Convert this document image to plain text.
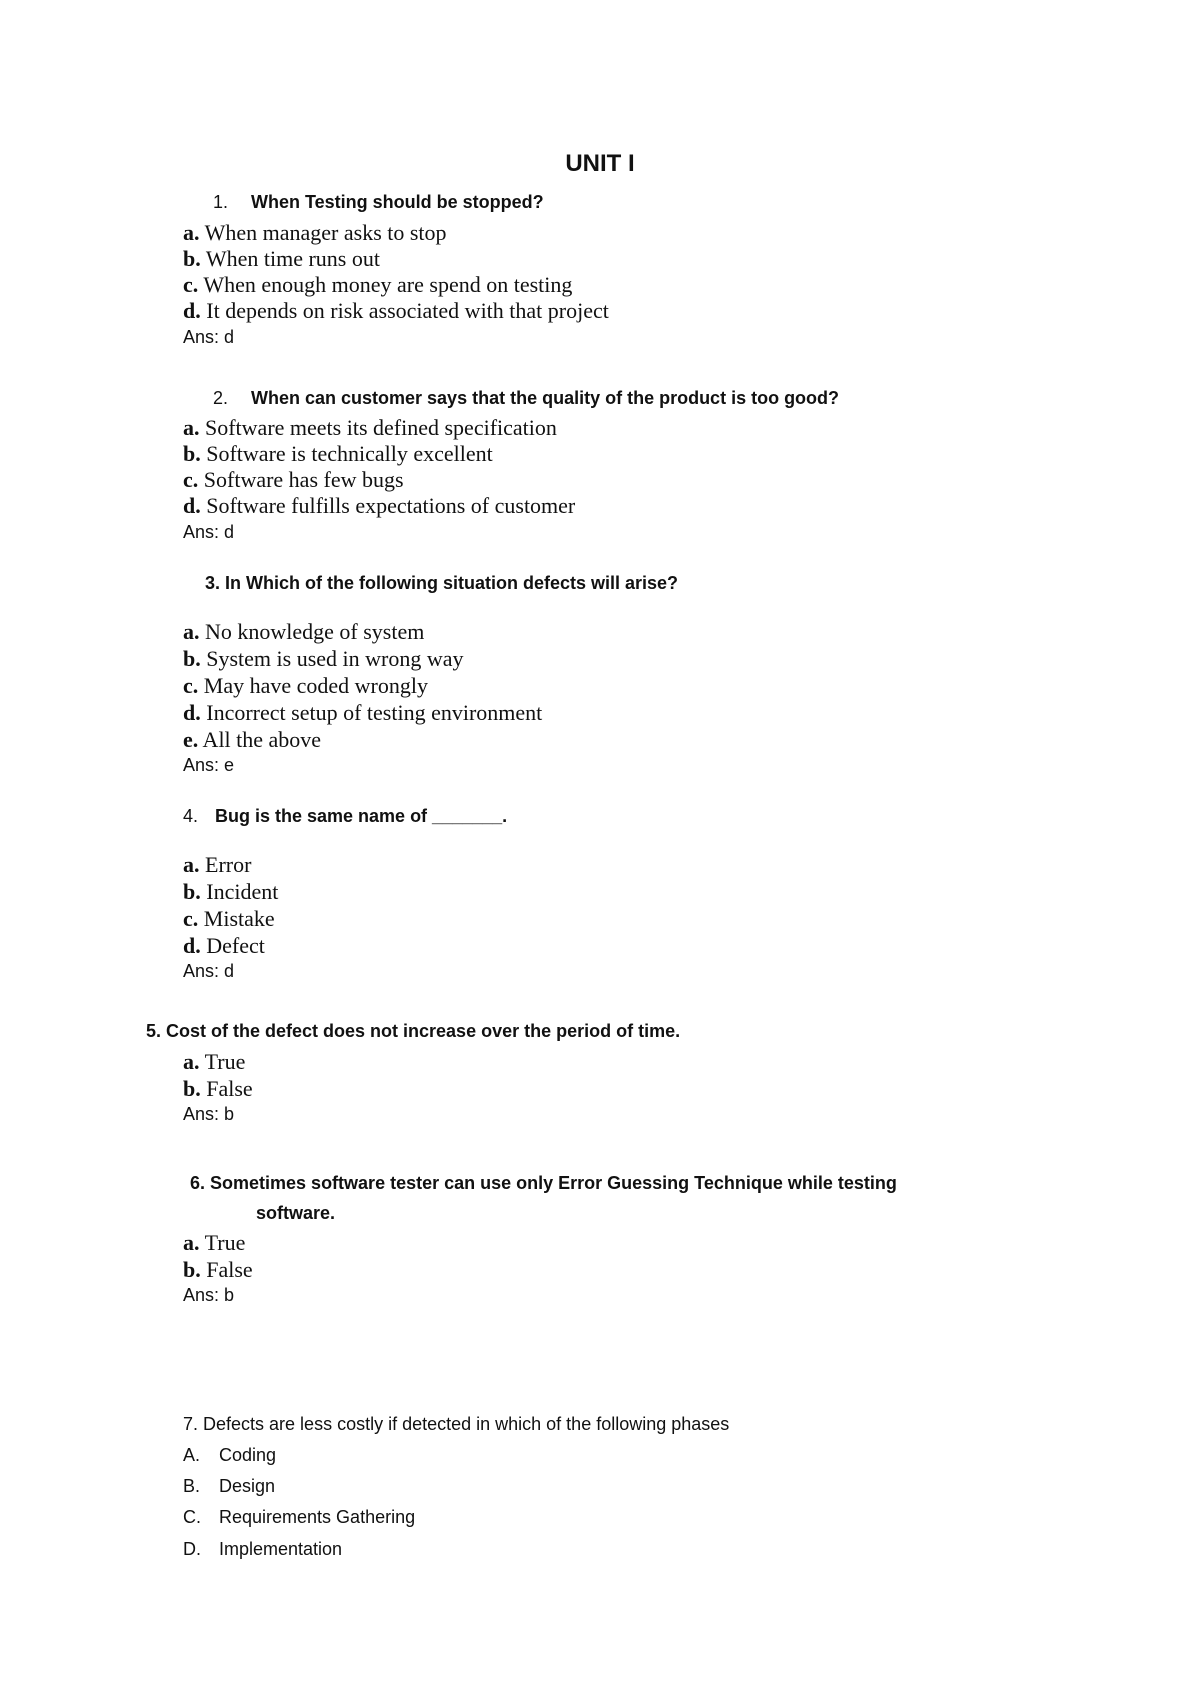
UNIT I
1. When Testing should be stopped?
a. When manager asks to stop
b. When time runs out
c. When enough money are spend on testing
d. It depends on risk associated with that project
Ans: d
2. When can customer says that the quality of the product is too good?
a. Software meets its defined specification
b. Software is technically excellent
c. Software has few bugs
d. Software fulfills expectations of customer
Ans: d
3. In Which of the following situation defects will arise?
a. No knowledge of system
b. System is used in wrong way
c. May have coded wrongly
d. Incorrect setup of testing environment
e. All the above
Ans: e
4. Bug is the same name of _______.
a. Error
b. Incident
c. Mistake
d. Defect
Ans: d
5. Cost of the defect does not increase over the period of time.
a. True
b. False
Ans: b
6. Sometimes software tester can use only Error Guessing Technique while testing
software.
a. True
b. False
Ans: b
7. Defects are less costly if detected in which of the following phases
A. Coding
B. Design
C. Requirements Gathering
D. Implementation
